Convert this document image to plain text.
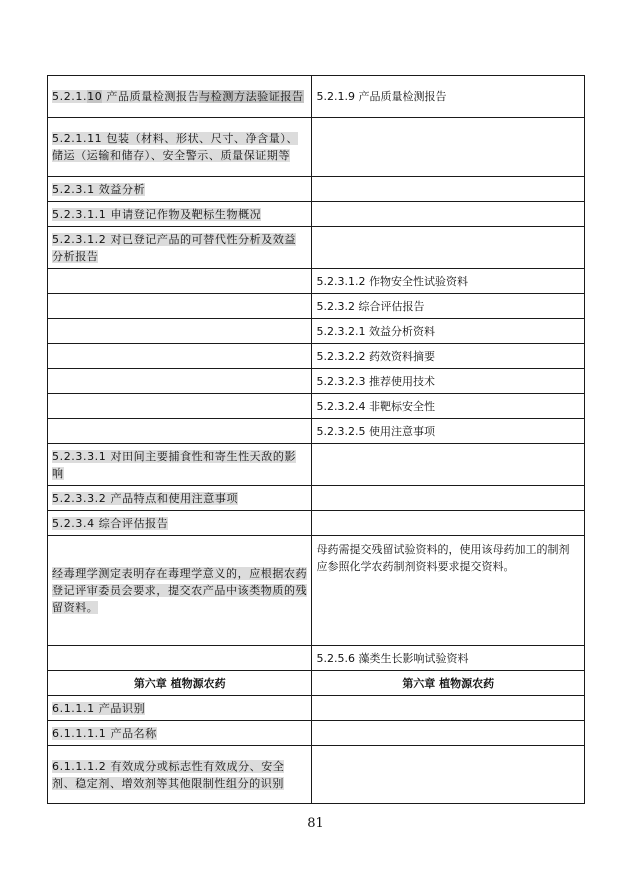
5.2.1.10 产品质量检测报告与检测方法验证报告	5.2.1.9 产品质量检测报告
5.2.1.11 包装（材料、形状、尺寸、净含量）、储运（运输和储存）、安全警示、质量保证期等	
5.2.3.1 效益分析	
5.2.3.1.1 申请登记作物及靶标生物概况	
5.2.3.1.2 对已登记产品的可替代性分析及效益分析报告	
	5.2.3.1.2 作物安全性试验资料
	5.2.3.2 综合评估报告
	5.2.3.2.1 效益分析资料
	5.2.3.2.2 药效资料摘要
	5.2.3.2.3 推荐使用技术
	5.2.3.2.4 非靶标安全性
	5.2.3.2.5 使用注意事项
5.2.3.3.1 对田间主要捕食性和寄生性天敌的影响	
5.2.3.3.2 产品特点和使用注意事项	
5.2.3.4 综合评估报告	
经毒理学测定表明存在毒理学意义的，应根据农药登记评审委员会要求，提交农产品中该类物质的残留资料。	母药需提交残留试验资料的，使用该母药加工的制剂应参照化学农药制剂资料要求提交资料。
	5.2.5.6 藻类生长影响试验资料
第六章 植物源农药	第六章 植物源农药
6.1.1.1 产品识别	
6.1.1.1.1 产品名称	
6.1.1.1.2 有效成分或标志性有效成分、安全剂、稳定剂、增效剂等其他限制性组分的识别	
81
